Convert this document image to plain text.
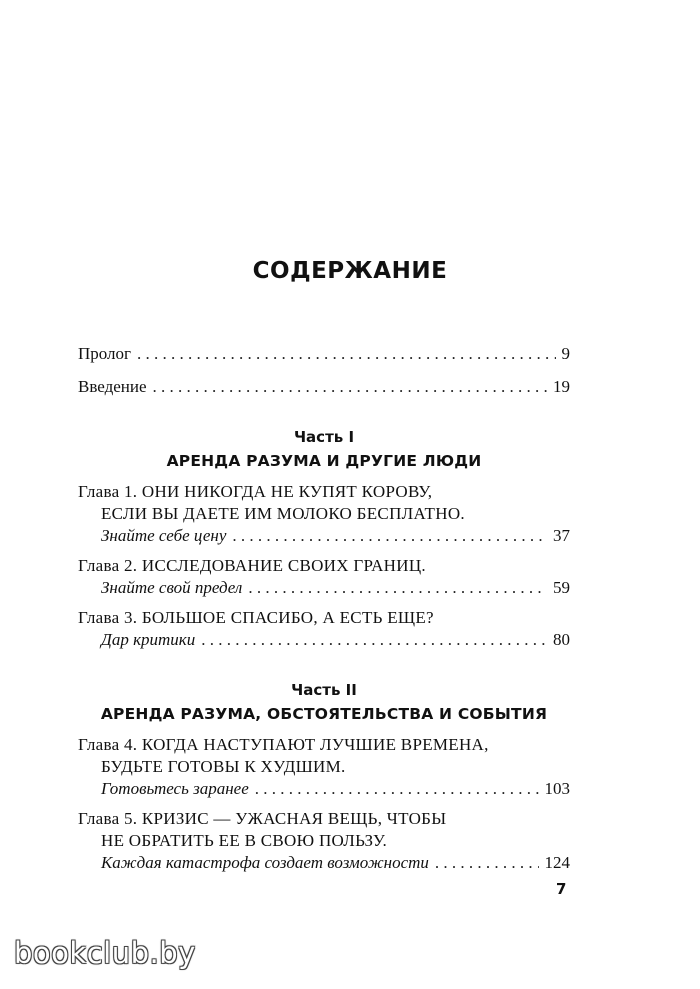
СОДЕРЖАНИЕ
Пролог . . .	9
Введение . . .	19
Часть I
АРЕНДА РАЗУМА И ДРУГИЕ ЛЮДИ
Глава 1. ОНИ НИКОГДА НЕ КУПЯТ КОРОВУ,
ЕСЛИ ВЫ ДАЕТЕ ИМ МОЛОКО БЕСПЛАТНО.
Знайте себе цену . . .	37
Глава 2. ИССЛЕДОВАНИЕ СВОИХ ГРАНИЦ.
Знайте свой предел . . .	59
Глава 3. БОЛЬШОЕ СПАСИБО, А ЕСТЬ ЕЩЕ?
Дар критики . . .	80
Часть II
АРЕНДА РАЗУМА, ОБСТОЯТЕЛЬСТВА И СОБЫТИЯ
Глава 4. КОГДА НАСТУПАЮТ ЛУЧШИЕ ВРЕМЕНА,
БУДЬТЕ ГОТОВЫ К ХУДШИМ.
Готовьтесь заранее . . .	103
Глава 5. КРИЗИС — УЖАСНАЯ ВЕЩЬ, ЧТОБЫ
НЕ ОБРАТИТЬ ЕЕ В СВОЮ ПОЛЬЗУ.
Каждая катастрофа создает возможности . . .	124
7
bookclub.by
